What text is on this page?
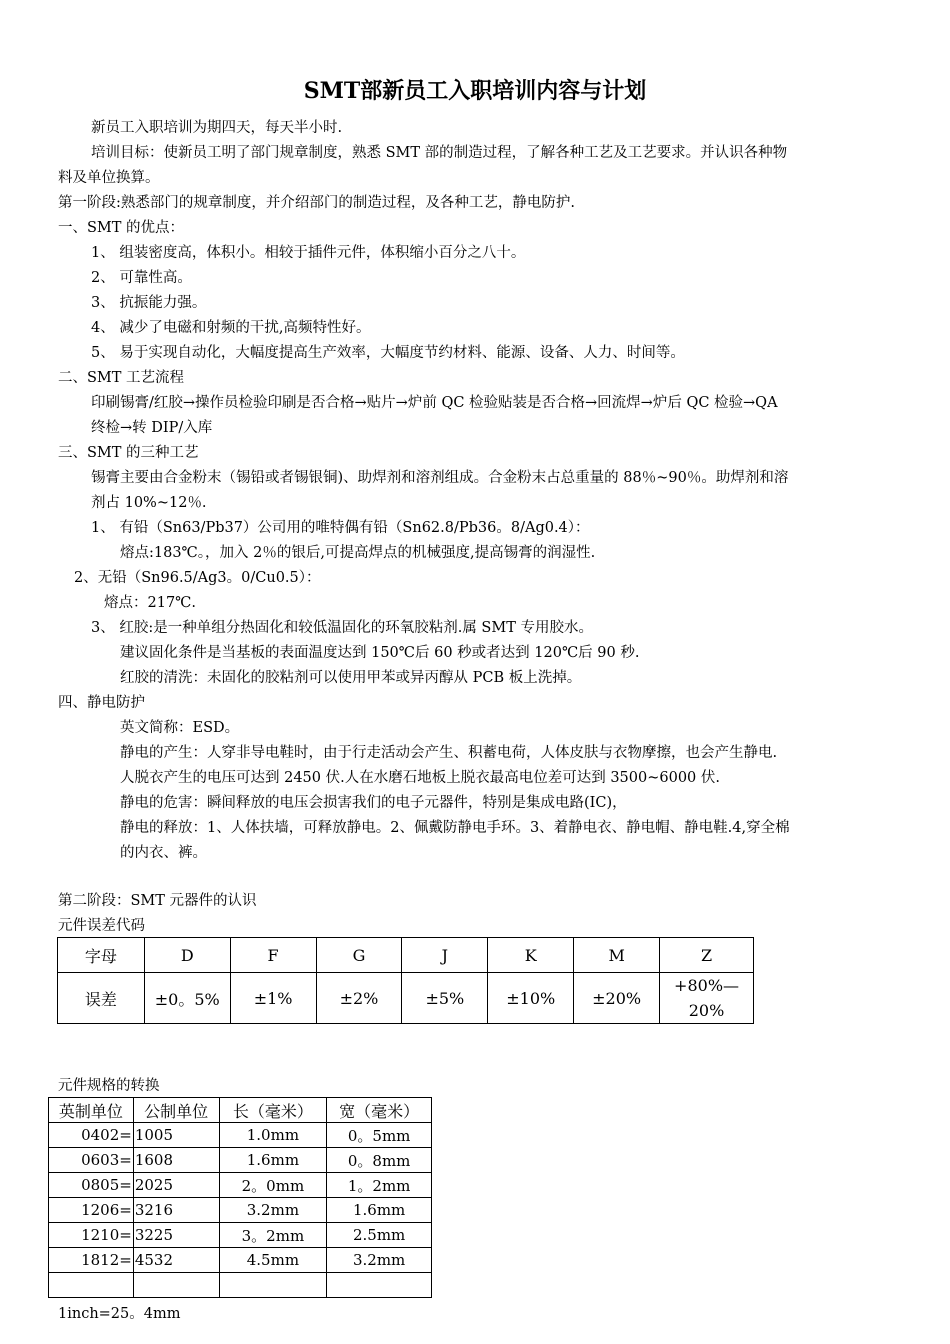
SMT部新员工入职培训内容与计划
新员工入职培训为期四天，每天半小时.
培训目标：使新员工明了部门规章制度，熟悉 SMT 部的制造过程，了解各种工艺及工艺要求。并认识各种物
料及单位换算。
第一阶段:熟悉部门的规章制度，并介绍部门的制造过程，及各种工艺，静电防护.
一、SMT 的优点：
1、 组装密度高，体积小。相较于插件元件，体积缩小百分之八十。
2、 可靠性高。
3、 抗振能力强。
4、 减少了电磁和射频的干扰,高频特性好。
5、 易于实现自动化，大幅度提高生产效率，大幅度节约材料、能源、设备、人力、时间等。
二、SMT 工艺流程
印刷锡膏/红胶→操作员检验印刷是否合格→贴片→炉前 QC 检验贴装是否合格→回流焊→炉后 QC 检验→QA
终检→转 DIP/入库
三、SMT 的三种工艺
锡膏主要由合金粉末（锡铅或者锡银铜)、助焊剂和溶剂组成。合金粉末占总重量的 88％~90％。助焊剂和溶
剂占 10%~12％.
1、 有铅（Sn63/Pb37）公司用的唯特偶有铅（Sn62.8/Pb36。8/Ag0.4）：
熔点:183℃。，加入 2％的银后,可提高焊点的机械强度,提高锡膏的润湿性.
2、无铅（Sn96.5/Ag3。0/Cu0.5）：
熔点：217℃.
3、 红胶:是一种单组分热固化和较低温固化的环氧胶粘剂.属 SMT 专用胶水。
建议固化条件是当基板的表面温度达到 150℃后 60 秒或者达到 120℃后 90 秒.
红胶的清洗：未固化的胶粘剂可以使用甲苯或异丙醇从 PCB 板上洗掉。
四、静电防护
英文简称：ESD。
静电的产生：人穿非导电鞋时，由于行走活动会产生、积蓄电荷，人体皮肤与衣物摩擦，也会产生静电.
人脱衣产生的电压可达到 2450 伏.人在水磨石地板上脱衣最高电位差可达到 3500~6000 伏.
静电的危害：瞬间释放的电压会损害我们的电子元器件，特别是集成电路(IC)，
静电的释放：1、人体扶墙，可释放静电。2、佩戴防静电手环。3、着静电衣、静电帽、静电鞋.4,穿全棉
的内衣、裤。
第二阶段：SMT 元器件的认识
元件误差代码
字母	D	F	G	J	K	M	Z
误差	±0。5%	±1%	±2%	±5%	±10%	±20%	+80%—
20%
元件规格的转换
英制单位	公制单位	长（毫米）	宽（毫米）
0402=	1005	1.0mm	0。5mm
0603=	1608	1.6mm	0。8mm
0805=	2025	2。0mm	1。2mm
1206=	3216	3.2mm	1.6mm
1210=	3225	3。2mm	2.5mm
1812=	4532	4.5mm	3.2mm

1inch=25。4mm
